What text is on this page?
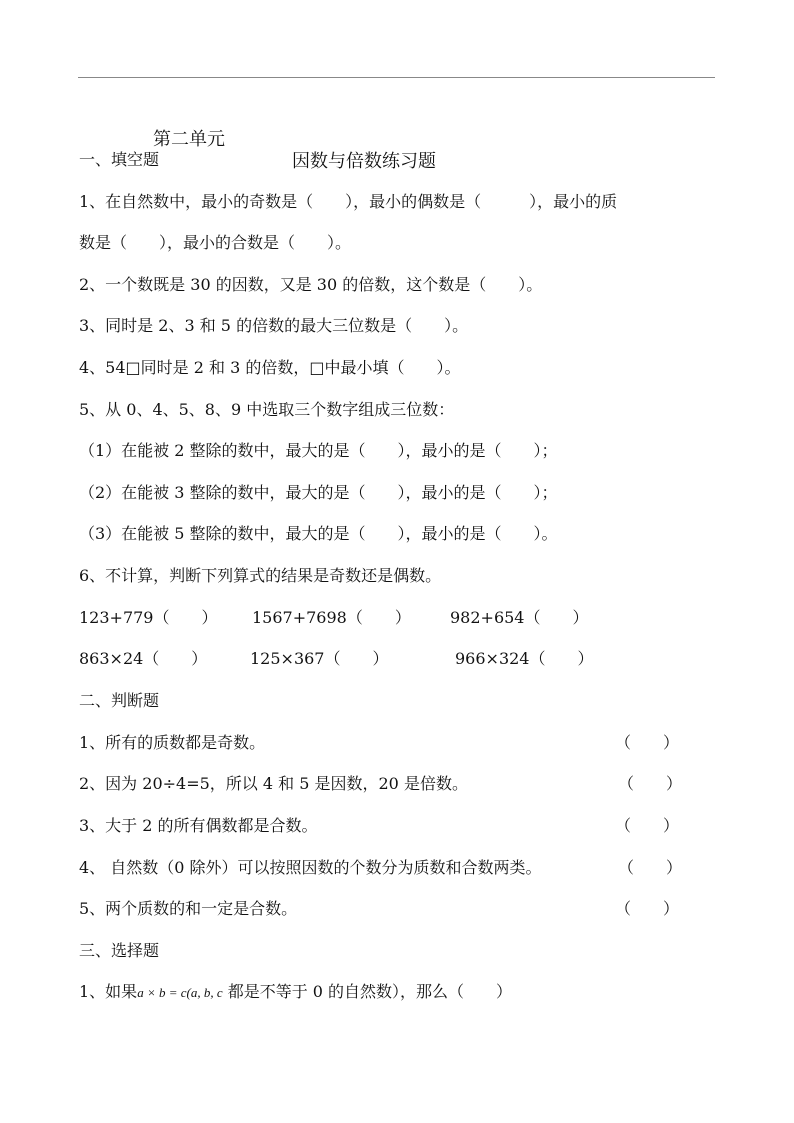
第二单元

因数与倍数练习题

一、填空题
1、在自然数中，最小的奇数是（　　），最小的偶数是（　　　），最小的质
数是（　　），最小的合数是（　　）。
2、一个数既是 30 的因数，又是 30 的倍数，这个数是（　　）。
3、同时是 2、3 和 5 的倍数的最大三位数是（　　）。
4、54□同时是 2 和 3 的倍数，□中最小填（　　）。
5、从 0、4、5、8、9 中选取三个数字组成三位数：
（1）在能被 2 整除的数中，最大的是（　　），最小的是（　　）；
（2）在能被 3 整除的数中，最大的是（　　），最小的是（　　）；
（3）在能被 5 整除的数中，最大的是（　　），最小的是（　　）。
6、不计算，判断下列算式的结果是奇数还是偶数。
123+779（　　） 1567+7698（　　） 982+654（　　）
863×24（　　）	125×367（　　）	966×324（　　）
二、判断题
1、所有的质数都是奇数。	（　　）
2、因为 20÷4=5，所以 4 和 5 是因数，20 是倍数。	（　　）
3、大于 2 的所有偶数都是合数。	（　　）
4、 自然数（0 除外）可以按照因数的个数分为质数和合数两类。	（　　）
5、两个质数的和一定是合数。	（　　）
三、选择题
1、如果a × b = c(a, b, c 都是不等于 0 的自然数），那么（　　）
